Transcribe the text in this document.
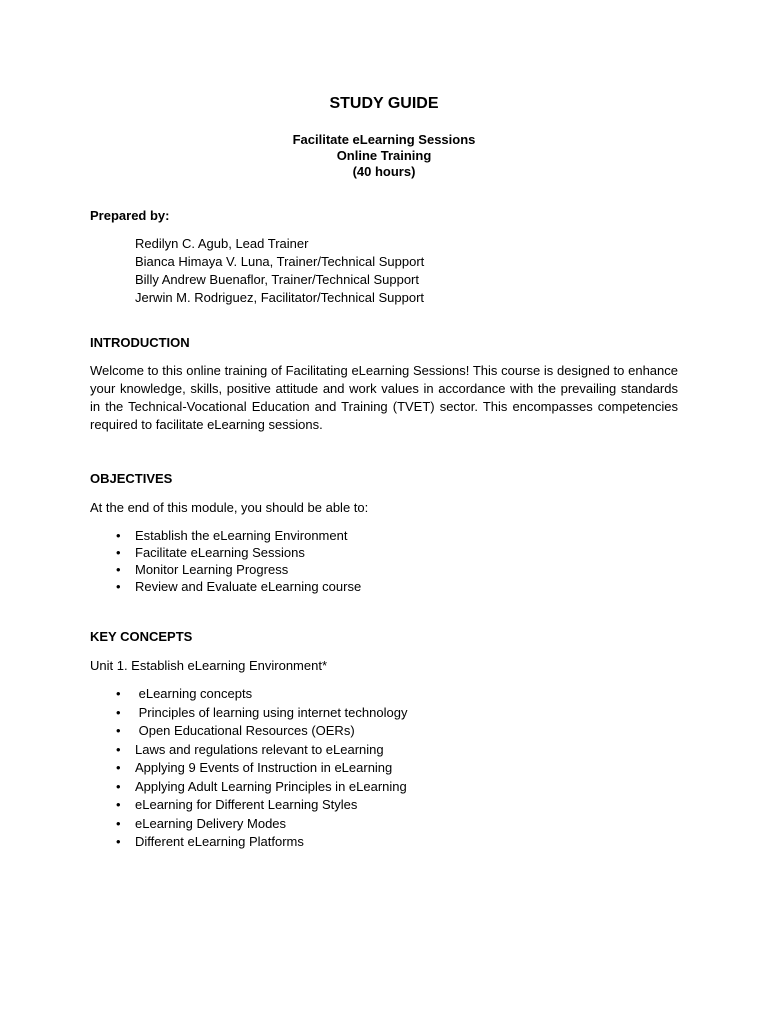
STUDY GUIDE
Facilitate eLearning Sessions
Online Training
(40 hours)
Prepared by:
Redilyn C. Agub, Lead Trainer
Bianca Himaya V. Luna, Trainer/Technical Support
Billy Andrew Buenaflor, Trainer/Technical Support
Jerwin M. Rodriguez, Facilitator/Technical Support
INTRODUCTION

Welcome to this online training of Facilitating eLearning Sessions! This course is designed to enhance your knowledge, skills, positive attitude and work values in accordance with the prevailing standards in the Technical-Vocational Education and Training (TVET) sector. This encompasses competencies required to facilitate eLearning sessions.

OBJECTIVES
At the end of this module, you should be able to:
• Establish the eLearning Environment
• Facilitate eLearning Sessions
• Monitor Learning Progress
• Review and Evaluate eLearning course
KEY CONCEPTS
Unit 1. Establish eLearning Environment*
• eLearning concepts
• Principles of learning using internet technology
• Open Educational Resources (OERs)
• Laws and regulations relevant to eLearning
• Applying 9 Events of Instruction in eLearning
• Applying Adult Learning Principles in eLearning
• eLearning for Different Learning Styles
• eLearning Delivery Modes
• Different eLearning Platforms
